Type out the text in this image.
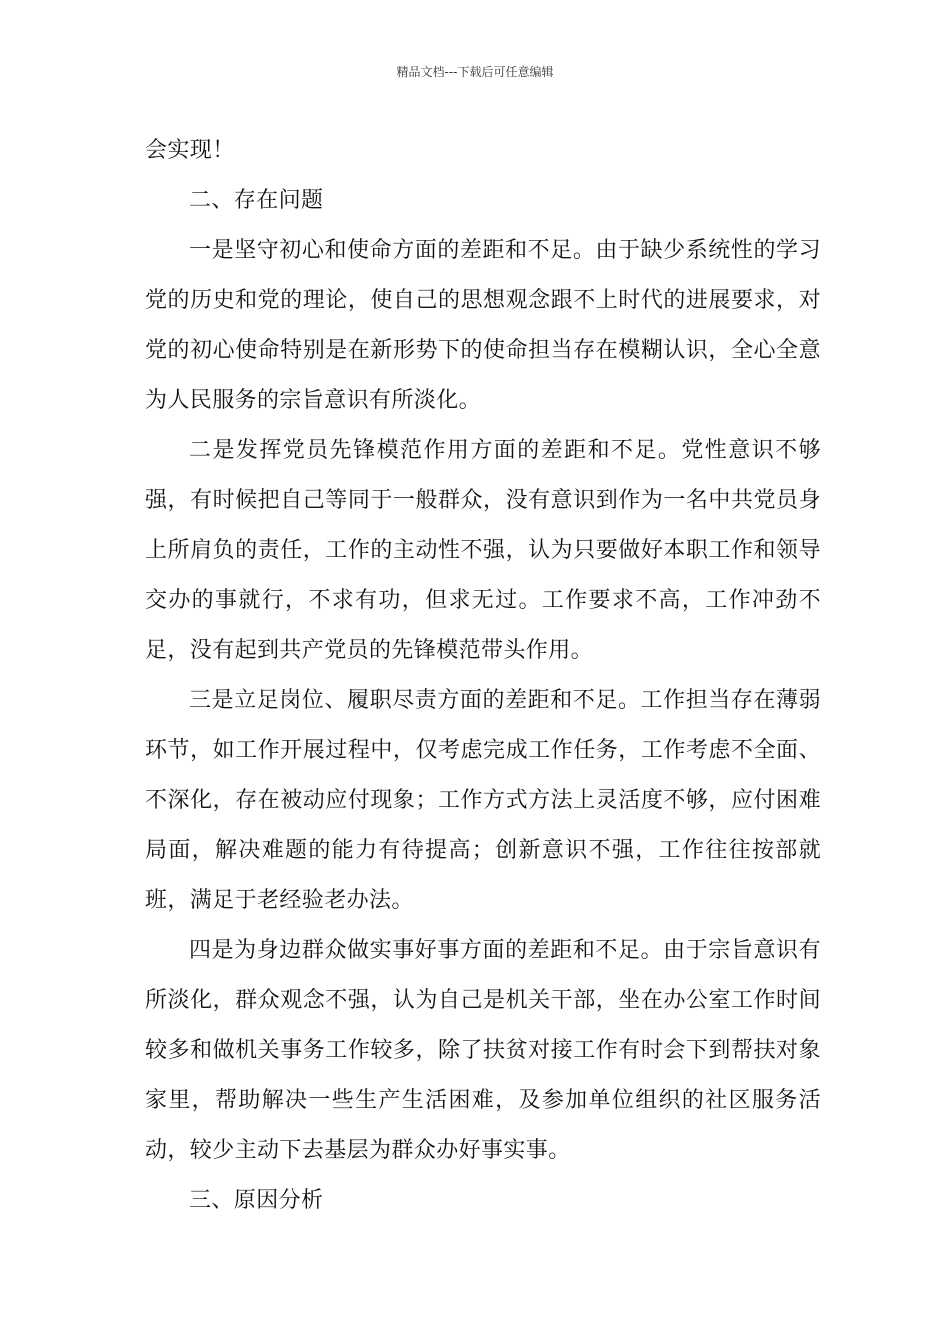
精品文档---下载后可任意编辑

会实现！

二、存在问题

一是坚守初心和使命方面的差距和不足。由于缺少系统性的学习党的历史和党的理论，使自己的思想观念跟不上时代的进展要求，对党的初心使命特别是在新形势下的使命担当存在模糊认识，全心全意为人民服务的宗旨意识有所淡化。

二是发挥党员先锋模范作用方面的差距和不足。党性意识不够强，有时候把自己等同于一般群众，没有意识到作为一名中共党员身上所肩负的责任，工作的主动性不强，认为只要做好本职工作和领导交办的事就行，不求有功，但求无过。工作要求不高，工作冲劲不足，没有起到共产党员的先锋模范带头作用。

三是立足岗位、履职尽责方面的差距和不足。工作担当存在薄弱环节，如工作开展过程中，仅考虑完成工作任务，工作考虑不全面、不深化，存在被动应付现象；工作方式方法上灵活度不够，应付困难局面，解决难题的能力有待提高；创新意识不强，工作往往按部就班，满足于老经验老办法。

四是为身边群众做实事好事方面的差距和不足。由于宗旨意识有所淡化，群众观念不强，认为自己是机关干部，坐在办公室工作时间较多和做机关事务工作较多，除了扶贫对接工作有时会下到帮扶对象家里，帮助解决一些生产生活困难，及参加单位组织的社区服务活动，较少主动下去基层为群众办好事实事。

三、原因分析
